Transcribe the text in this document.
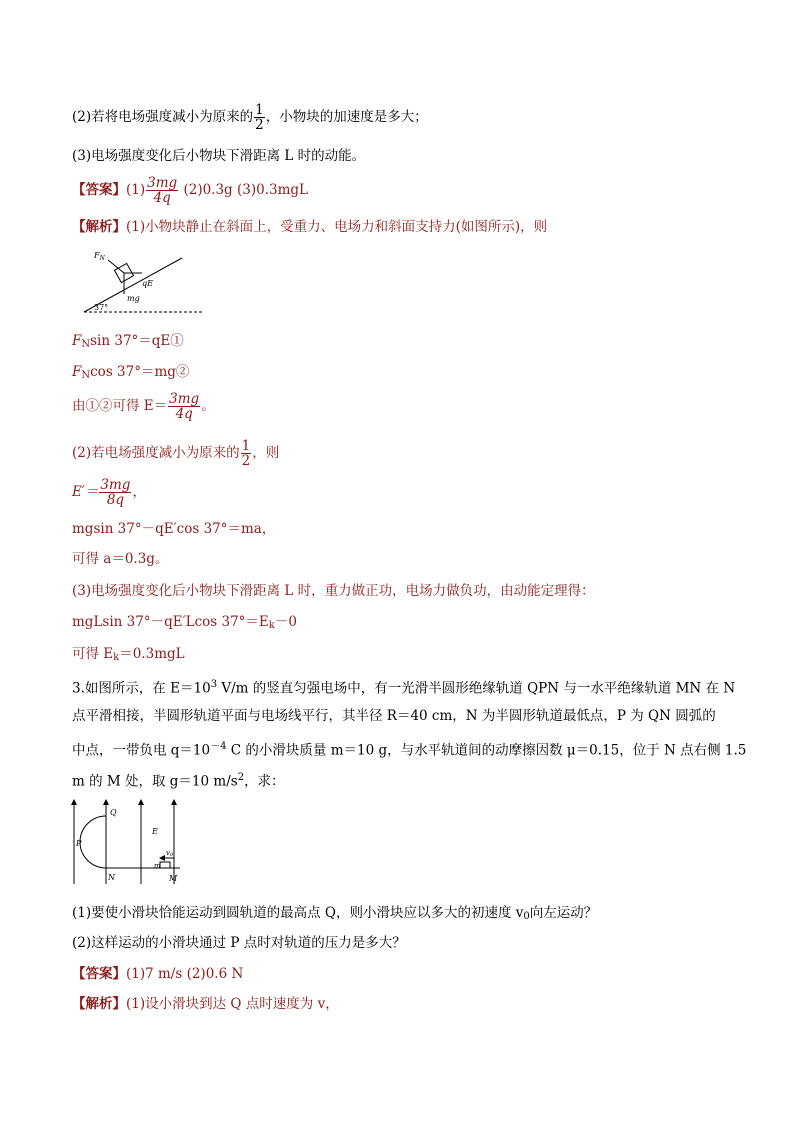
(2)若将电场强度减小为原来的 $\frac{1}{2}$ ，小物块的加速度是多大；
(3)电场强度变化后小物块下滑距离 L 时的动能。
【答案】$(1) \frac{3mg}{4q} (2)0.3g$ (3)0.3mgL
【解析】(1)小物块静止在斜面上，受重力、电场力和斜面支持力(如图所示)，则
$F_N$
qE
mg
37°
FNsin 37°＝qE①
FNcos 37°＝mg②
由①②可得 $E= \frac{3mg}{4q}$ 。
(2)若电场强度减小为原来的 $\frac{1}{2}$ ，则
$E'= \frac{3mg}{8q}$ ，
mgsin 37°－qE′cos 37°＝ma，
可得 a＝0.3g。
(3)电场强度变化后小物块下滑距离 L 时，重力做正功，电场力做负功，由动能定理得：
mgLsin 37°－qE′Lcos 37°＝Ek－0
可得 Ek＝0.3mgL
3.如图所示，在 $E=10^3$ V/m 的竖直匀强电场中，有一光滑半圆形绝缘轨道 QPN 与一水平绝缘轨道 MN 在 N
点平滑相接，半圆形轨道平面与电场线平行，其半径 R＝40 cm，N 为半圆形轨道最低点，P 为 QN 圆弧的
中点，一带负电 $q=10^{-4}$ C 的小滑块质量 m＝10 g，与水平轨道间的动摩擦因数 μ＝0.15，位于 N 点右侧 1.5
m 的 M 处，取 g＝10 $m/s^2$，求：
Q
P
N
E
m
M
v0
(1)要使小滑块恰能运动到圆轨道的最高点 Q，则小滑块应以多大的初速度 v0向左运动？
(2)这样运动的小滑块通过 P 点时对轨道的压力是多大？
【答案】(1)7 m/s (2)0.6 N
【解析】(1)设小滑块到达 Q 点时速度为 v，
